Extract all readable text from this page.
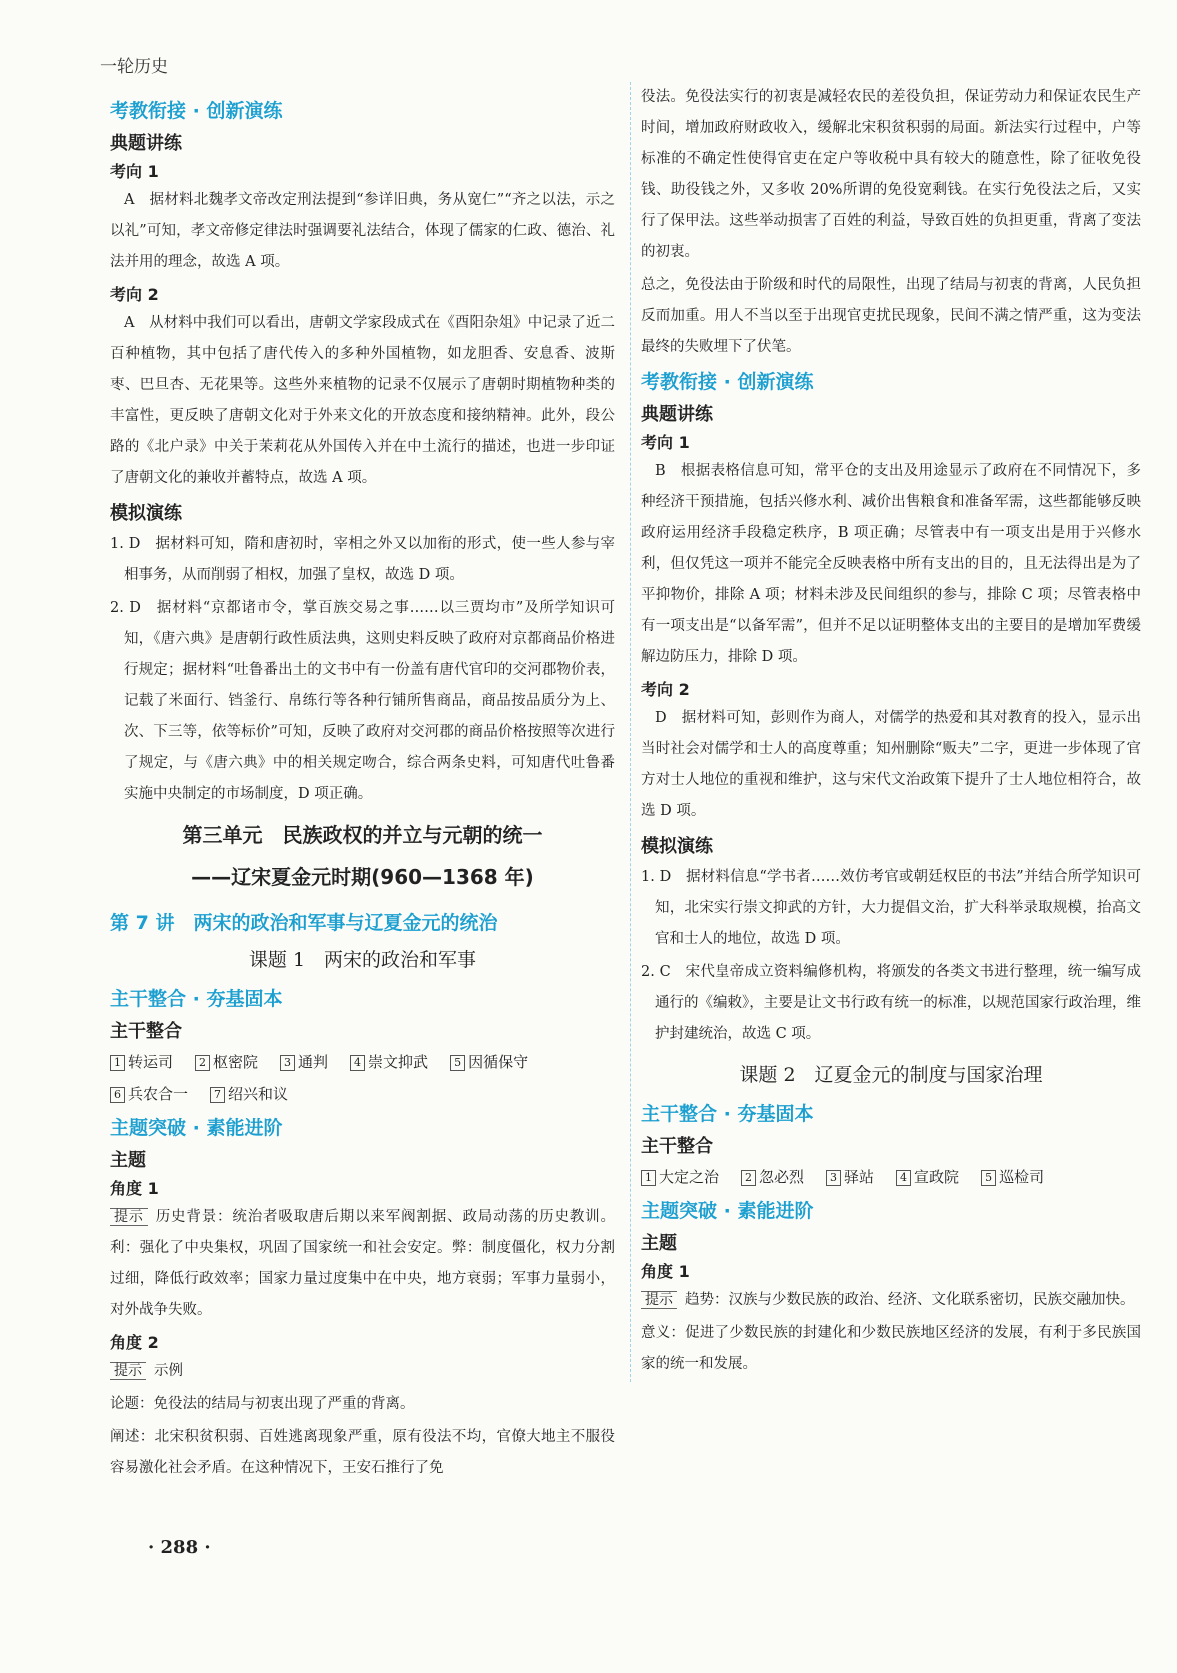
一轮历史
考教衔接 · 创新演练
典题讲练
考向 1

A　据材料北魏孝文帝改定刑法提到“参详旧典，务从宽仁”“齐之以法，示之以礼”可知，孝文帝修定律法时强调要礼法结合，体现了儒家的仁政、德治、礼法并用的理念，故选 A 项。

考向 2

A　从材料中我们可以看出，唐朝文学家段成式在《酉阳杂俎》中记录了近二百种植物，其中包括了唐代传入的多种外国植物，如龙胆香、安息香、波斯枣、巴旦杏、无花果等。这些外来植物的记录不仅展示了唐朝时期植物种类的丰富性，更反映了唐朝文化对于外来文化的开放态度和接纳精神。此外，段公路的《北户录》中关于茉莉花从外国传入并在中土流行的描述，也进一步印证了唐朝文化的兼收并蓄特点，故选 A 项。

模拟演练

1. D　据材料可知，隋和唐初时，宰相之外又以加衔的形式，使一些人参与宰相事务，从而削弱了相权，加强了皇权，故选 D 项。

2. D　据材料“京都诸市令，掌百族交易之事……以三贾均市”及所学知识可知，《唐六典》是唐朝行政性质法典，这则史料反映了政府对京都商品价格进行规定；据材料“吐鲁番出土的文书中有一份盖有唐代官印的交河郡物价表，记载了米面行、铛釜行、帛练行等各种行铺所售商品，商品按品质分为上、次、下三等，依等标价”可知，反映了政府对交河郡的商品价格按照等次进行了规定，与《唐六典》中的相关规定吻合，综合两条史料，可知唐代吐鲁番实施中央制定的市场制度，D 项正确。

第三单元　民族政权的并立与元朝的统一
——辽宋夏金元时期(960—1368 年)
第 7 讲　两宋的政治和军事与辽夏金元的统治
课题 1　两宋的政治和军事
主干整合 · 夯基固本
主干整合
1 转运司	2 枢密院	3 通判	4 崇文抑武	5 因循保守
6 兵农合一	7 绍兴和议
主题突破 · 素能进阶
主题
角度 1

提示 历史背景：统治者吸取唐后期以来军阀割据、政局动荡的历史教训。利：强化了中央集权，巩固了国家统一和社会安定。弊：制度僵化，权力分割过细，降低行政效率；国家力量过度集中在中央，地方衰弱；军事力量弱小，对外战争失败。

角度 2

提示 示例

论题：免役法的结局与初衷出现了严重的背离。

阐述：北宋积贫积弱、百姓逃离现象严重，原有役法不均，官僚大地主不服役容易激化社会矛盾。在这种情况下，王安石推行了免

役法。免役法实行的初衷是减轻农民的差役负担，保证劳动力和保证农民生产时间，增加政府财政收入，缓解北宋积贫积弱的局面。新法实行过程中，户等标准的不确定性使得官吏在定户等收税中具有较大的随意性，除了征收免役钱、助役钱之外，又多收 20%所谓的免役宽剩钱。在实行免役法之后，又实行了保甲法。这些举动损害了百姓的利益，导致百姓的负担更重，背离了变法的初衷。

总之，免役法由于阶级和时代的局限性，出现了结局与初衷的背离，人民负担反而加重。用人不当以至于出现官吏扰民现象，民间不满之情严重，这为变法最终的失败埋下了伏笔。

考教衔接 · 创新演练
典题讲练
考向 1

B　根据表格信息可知，常平仓的支出及用途显示了政府在不同情况下，多种经济干预措施，包括兴修水利、减价出售粮食和准备军需，这些都能够反映政府运用经济手段稳定秩序，B 项正确；尽管表中有一项支出是用于兴修水利，但仅凭这一项并不能完全反映表格中所有支出的目的，且无法得出是为了平抑物价，排除 A 项；材料未涉及民间组织的参与，排除 C 项；尽管表格中有一项支出是“以备军需”，但并不足以证明整体支出的主要目的是增加军费缓解边防压力，排除 D 项。

考向 2

D　据材料可知，彭则作为商人，对儒学的热爱和其对教育的投入，显示出当时社会对儒学和士人的高度尊重；知州删除“贩夫”二字，更进一步体现了官方对士人地位的重视和维护，这与宋代文治政策下提升了士人地位相符合，故选 D 项。

模拟演练

1. D　据材料信息“学书者……效仿考官或朝廷权臣的书法”并结合所学知识可知，北宋实行崇文抑武的方针，大力提倡文治，扩大科举录取规模，抬高文官和士人的地位，故选 D 项。

2. C　宋代皇帝成立资料编修机构，将颁发的各类文书进行整理，统一编写成通行的《编敕》，主要是让文书行政有统一的标准，以规范国家行政治理，维护封建统治，故选 C 项。

课题 2　辽夏金元的制度与国家治理
主干整合 · 夯基固本
主干整合
1 大定之治	2 忽必烈	3 驿站	4 宣政院	5 巡检司
主题突破 · 素能进阶
主题
角度 1

提示 趋势：汉族与少数民族的政治、经济、文化联系密切，民族交融加快。

意义：促进了少数民族的封建化和少数民族地区经济的发展，有利于多民族国家的统一和发展。

· 288 ·
